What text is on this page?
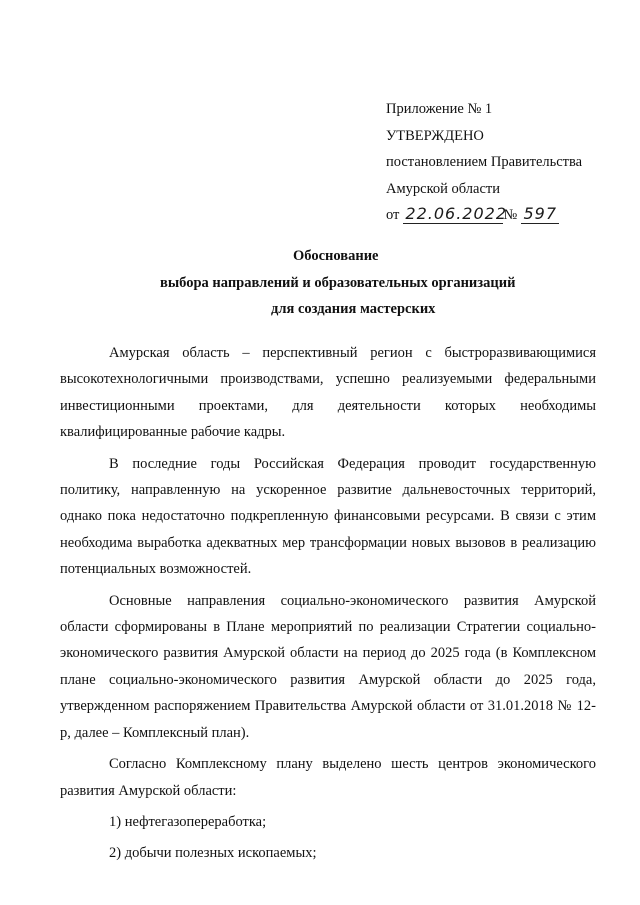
Приложение № 1
УТВЕРЖДЕНО
постановлением Правительства
Амурской области
от 22.06.2022
№ 597
Обоснование
выбора направлений и образовательных организаций
для создания мастерских

Амурская область – перспективный регион с быстроразвивающимися высокотехнологичными производствами, успешно реализуемыми федеральными инвестиционными проектами, для деятельности которых необходимы квалифицированные рабочие кадры.

В последние годы Российская Федерация проводит государственную политику, направленную на ускоренное развитие дальневосточных территорий, однако пока недостаточно подкрепленную финансовыми ресурсами. В связи с этим необходима выработка адекватных мер трансформации новых вызовов в реализацию потенциальных возможностей.

Основные направления социально-экономического развития Амурской области сформированы в Плане мероприятий по реализации Стратегии социально-экономического развития Амурской области на период до 2025 года (в Комплексном плане социально-экономического развития Амурской области до 2025 года, утвержденном распоряжением Правительства Амурской области от 31.01.2018 № 12-р, далее – Комплексный план).

Согласно Комплексному плану выделено шесть центров экономического развития Амурской области:

1) нефтегазопереработка;

2) добычи полезных ископаемых;
